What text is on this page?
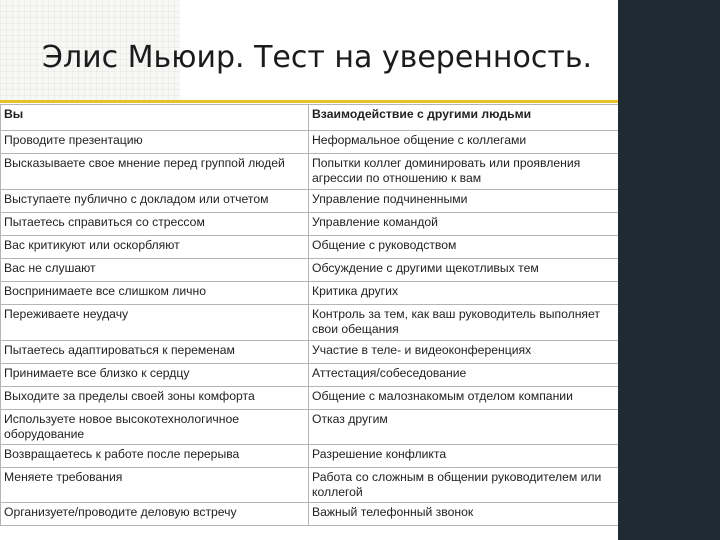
Элис Мьюир. Тест на уверенность.
Вы	Взаимодействие с другими людьми
Проводите презентацию	Неформальное общение с коллегами
Высказываете свое мнение перед группой людей	Попытки коллег доминировать или проявления агрессии по отношению к вам
Выступаете публично с докладом или отчетом	Управление подчиненными
Пытаетесь справиться со стрессом	Управление командой
Вас критикуют или оскорбляют	Общение с руководством
Вас не слушают	Обсуждение с другими щекотливых тем
Воспринимаете все слишком лично	Критика других
Переживаете неудачу	Контроль за тем, как ваш руководитель выполняет свои обещания
Пытаетесь адаптироваться к переменам	Участие в теле- и видеоконференциях
Принимаете все близко к сердцу	Аттестация/собеседование
Выходите за пределы своей зоны комфорта	Общение с малознакомым отделом компании
Используете новое высокотехнологичное оборудование	Отказ другим
Возвращаетесь к работе после перерыва	Разрешение конфликта
Меняете требования	Работа со сложным в общении руководителем или коллегой
Организуете/проводите деловую встречу	Важный телефонный звонок
